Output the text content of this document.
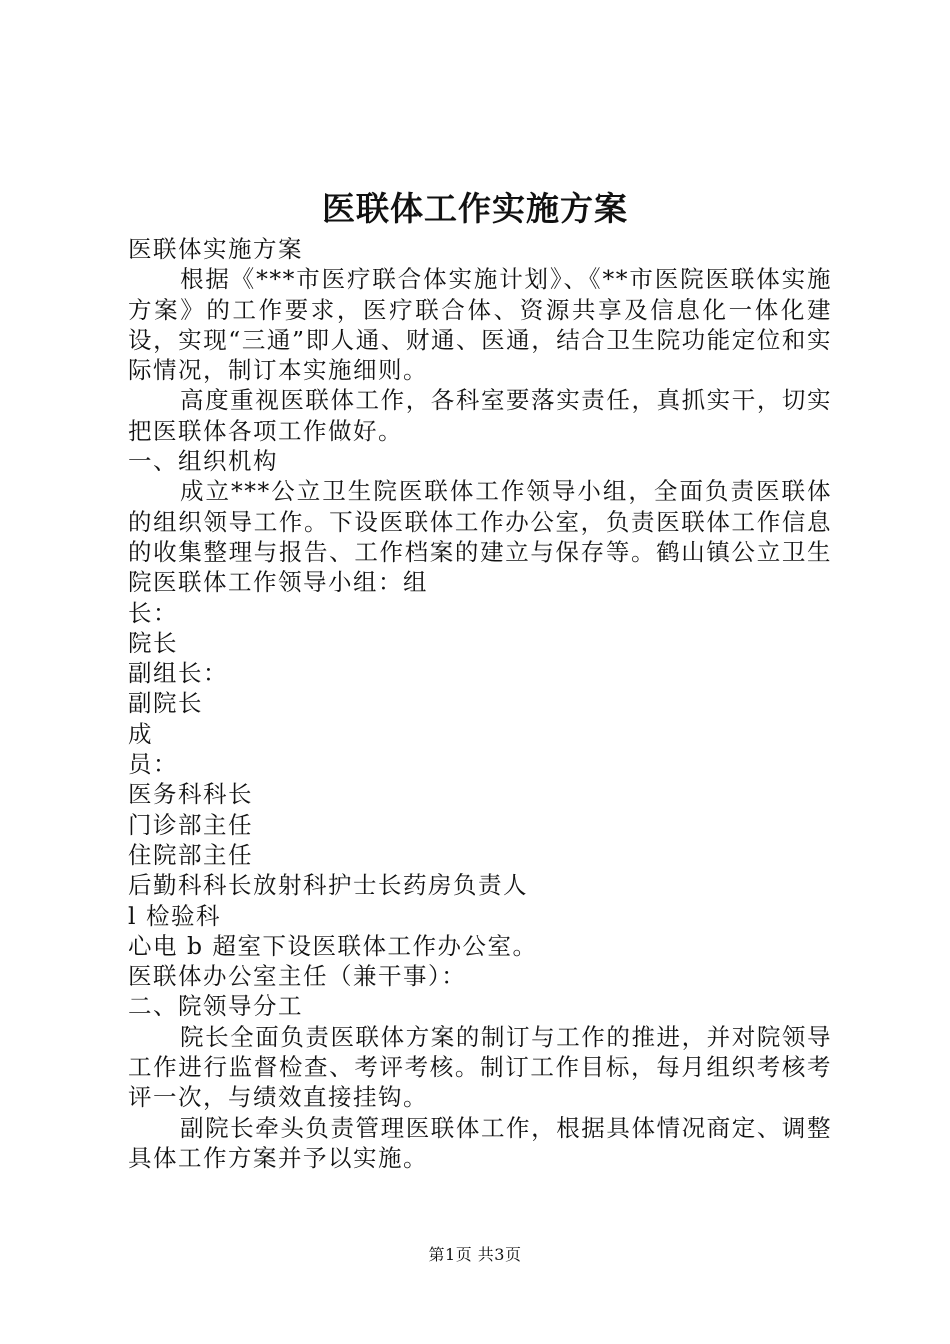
医联体工作实施方案

医联体实施方案

根据《***市医疗联合体实施计划》、《**市医院医联体实施方案》的工作要求，医疗联合体、资源共享及信息化一体化建设，实现“三通”即人通、财通、医通，结合卫生院功能定位和实际情况，制订本实施细则。

高度重视医联体工作，各科室要落实责任，真抓实干，切实把医联体各项工作做好。

一、组织机构

成立***公立卫生院医联体工作领导小组，全面负责医联体的组织领导工作。下设医联体工作办公室，负责医联体工作信息的收集整理与报告、工作档案的建立与保存等。鹤山镇公立卫生院医联体工作领导小组：组

长：

院长

副组长：

副院长

成

员：

医务科科长

门诊部主任

住院部主任

后勤科科长放射科护士长药房负责人

l 检验科

心电 b 超室下设医联体工作办公室。

医联体办公室主任（兼干事）：

二、院领导分工

院长全面负责医联体方案的制订与工作的推进，并对院领导工作进行监督检查、考评考核。制订工作目标，每月组织考核考评一次，与绩效直接挂钩。

副院长牵头负责管理医联体工作，根据具体情况商定、调整具体工作方案并予以实施。

第1页 共3页
